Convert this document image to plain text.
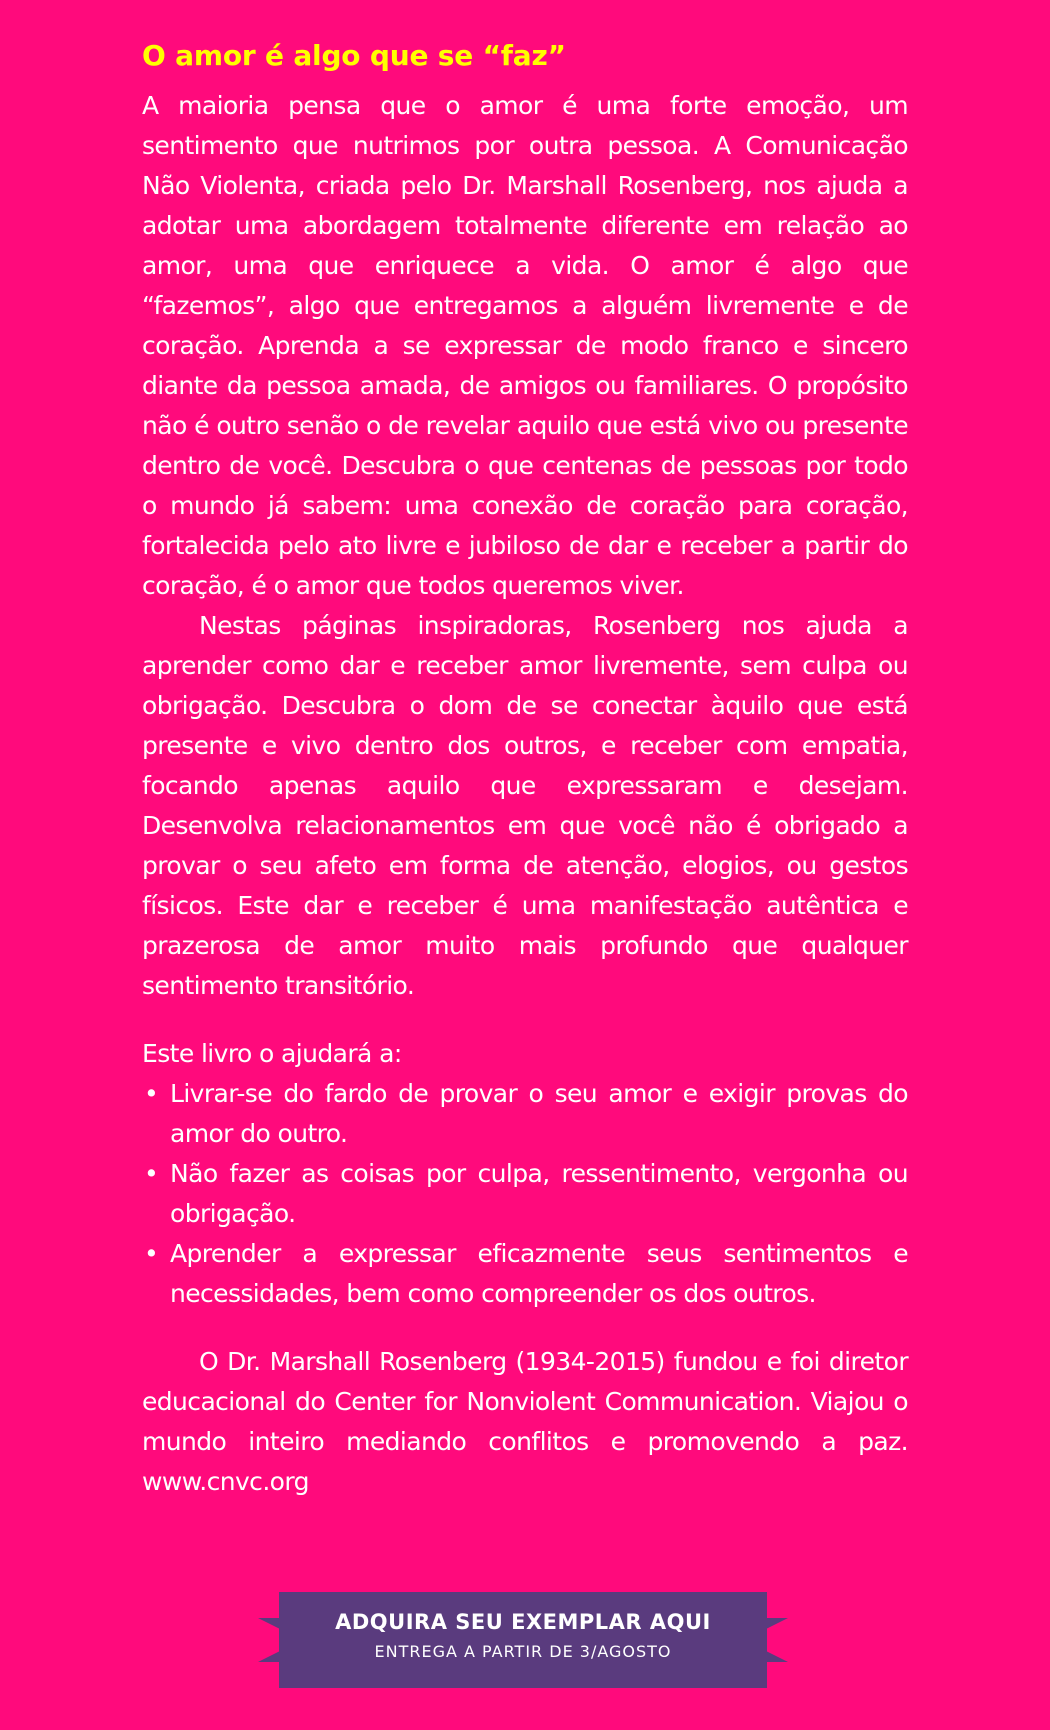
O amor é algo que se “faz”

A maioria pensa que o amor é uma forte emoção, um sentimento que nutrimos por outra pessoa. A Comunicação Não Violenta, criada pelo Dr. Marshall Rosenberg, nos ajuda a adotar uma abordagem totalmente diferente em relação ao amor, uma que enriquece a vida. O amor é algo que “fazemos”, algo que entregamos a alguém livremente e de coração. Aprenda a se expressar de modo franco e sincero diante da pessoa amada, de amigos ou familiares. O propósito não é outro senão o de revelar aquilo que está vivo ou presente dentro de você. Descubra o que centenas de pessoas por todo o mundo já sabem: uma conexão de coração para coração, fortalecida pelo ato livre e jubiloso de dar e receber a partir do coração, é o amor que todos queremos viver.

Nestas páginas inspiradoras, Rosenberg nos ajuda a aprender como dar e receber amor livremente, sem culpa ou obrigação. Descubra o dom de se conectar àquilo que está presente e vivo dentro dos outros, e receber com empatia, focando apenas aquilo que expressaram e desejam. Desenvolva relacionamentos em que você não é obrigado a provar o seu afeto em forma de atenção, elogios, ou gestos físicos. Este dar e receber é uma manifestação autêntica e prazerosa de amor muito mais profundo que qualquer sentimento transitório.

Este livro o ajudará a:

• Livrar-se do fardo de provar o seu amor e exigir provas do amor do outro.
• Não fazer as coisas por culpa, ressentimento, vergonha ou obrigação.
• Aprender a expressar eficazmente seus sentimentos e necessidades, bem como compreender os dos outros.

O Dr. Marshall Rosenberg (1934-2015) fundou e foi diretor educacional do Center for Nonviolent Communication. Viajou o mundo inteiro mediando conflitos e promovendo a paz. www.cnvc.org

ADQUIRA SEU EXEMPLAR AQUI
ENTREGA A PARTIR DE 3/AGOSTO
